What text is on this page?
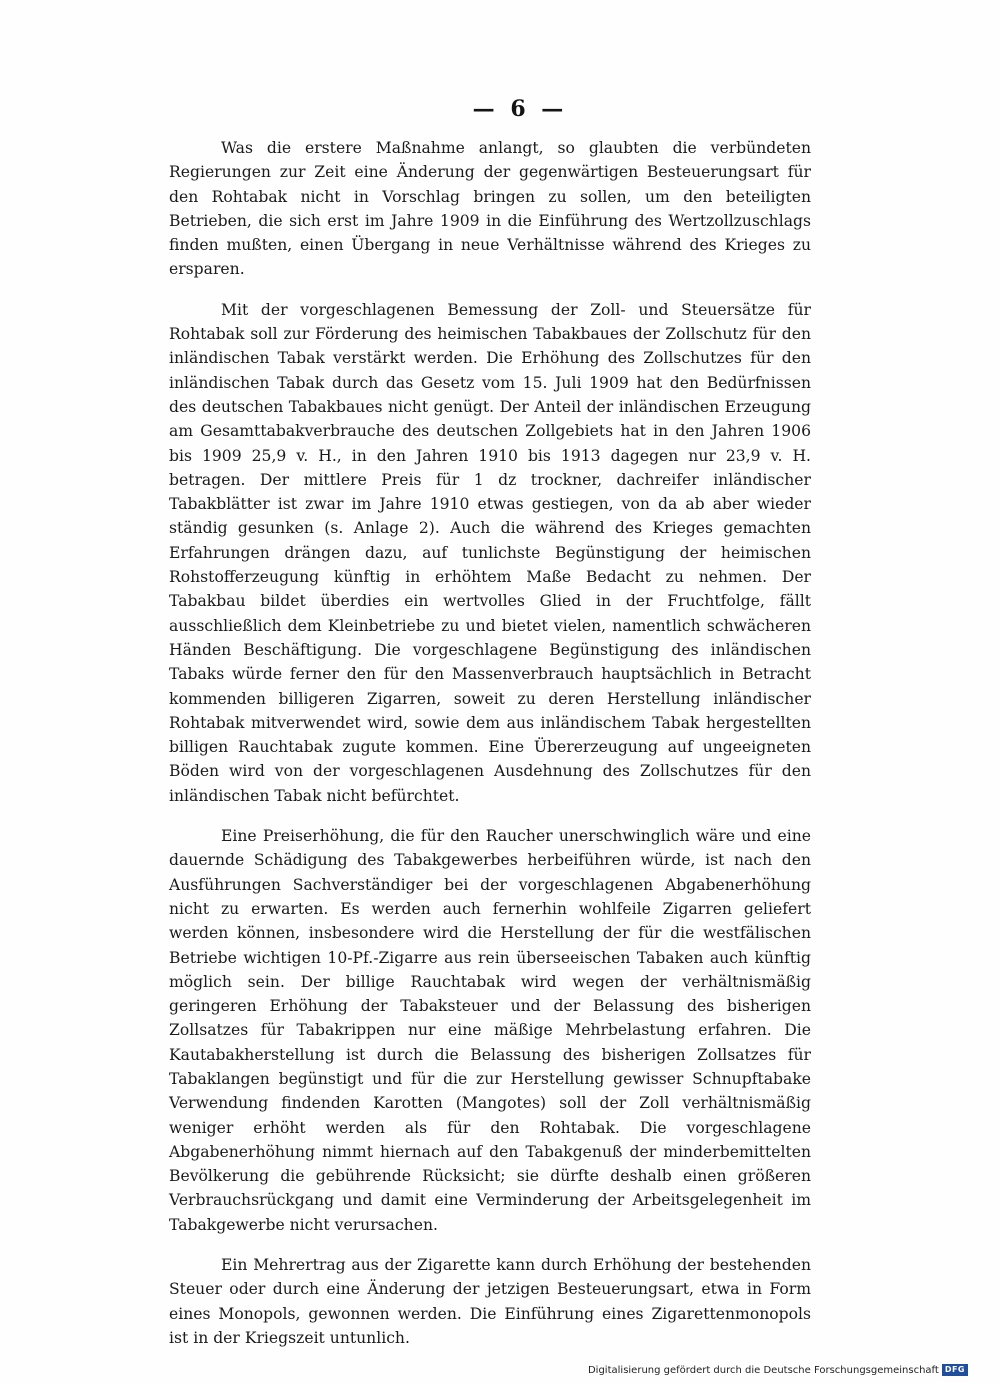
— 6 —

Was die erstere Maßnahme anlangt, so glaubten die verbündeten Regierungen zur Zeit eine Änderung der gegenwärtigen Besteuerungsart für den Rohtabak nicht in Vorschlag bringen zu sollen, um den beteiligten Betrieben, die sich erst im Jahre 1909 in die Einführung des Wertzollzuschlags finden mußten, einen Übergang in neue Verhältnisse während des Krieges zu ersparen.

Mit der vorgeschlagenen Bemessung der Zoll- und Steuersätze für Rohtabak soll zur Förderung des heimischen Tabakbaues der Zollschutz für den inländischen Tabak verstärkt werden. Die Erhöhung des Zollschutzes für den inländischen Tabak durch das Gesetz vom 15. Juli 1909 hat den Bedürfnissen des deutschen Tabakbaues nicht genügt. Der Anteil der inländischen Erzeugung am Gesamttabakverbrauche des deutschen Zollgebiets hat in den Jahren 1906 bis 1909 25,9 v. H., in den Jahren 1910 bis 1913 dagegen nur 23,9 v. H. betragen. Der mittlere Preis für 1 dz trockner, dachreifer inländischer Tabakblätter ist zwar im Jahre 1910 etwas gestiegen, von da ab aber wieder ständig gesunken (s. Anlage 2). Auch die während des Krieges gemachten Erfahrungen drängen dazu, auf tunlichste Begünstigung der heimischen Rohstofferzeugung künftig in erhöhtem Maße Bedacht zu nehmen. Der Tabakbau bildet überdies ein wertvolles Glied in der Fruchtfolge, fällt ausschließlich dem Kleinbetriebe zu und bietet vielen, namentlich schwächeren Händen Beschäftigung. Die vorgeschlagene Begünstigung des inländischen Tabaks würde ferner den für den Massenverbrauch hauptsächlich in Betracht kommenden billigeren Zigarren, soweit zu deren Herstellung inländischer Rohtabak mitverwendet wird, sowie dem aus inländischem Tabak hergestellten billigen Rauchtabak zugute kommen. Eine Übererzeugung auf ungeeigneten Böden wird von der vorgeschlagenen Ausdehnung des Zollschutzes für den inländischen Tabak nicht befürchtet.

Eine Preiserhöhung, die für den Raucher unerschwinglich wäre und eine dauernde Schädigung des Tabakgewerbes herbeiführen würde, ist nach den Ausführungen Sachverständiger bei der vorgeschlagenen Abgabenerhöhung nicht zu erwarten. Es werden auch fernerhin wohlfeile Zigarren geliefert werden können, insbesondere wird die Herstellung der für die westfälischen Betriebe wichtigen 10-Pf.-Zigarre aus rein überseeischen Tabaken auch künftig möglich sein. Der billige Rauchtabak wird wegen der verhältnismäßig geringeren Erhöhung der Tabaksteuer und der Belassung des bisherigen Zollsatzes für Tabakrippen nur eine mäßige Mehrbelastung erfahren. Die Kautabakherstellung ist durch die Belassung des bisherigen Zollsatzes für Tabaklangen begünstigt und für die zur Herstellung gewisser Schnupftabake Verwendung findenden Karotten (Mangotes) soll der Zoll verhältnismäßig weniger erhöht werden als für den Rohtabak. Die vorgeschlagene Abgabenerhöhung nimmt hiernach auf den Tabakgenuß der minderbemittelten Bevölkerung die gebührende Rücksicht; sie dürfte deshalb einen größeren Verbrauchsrückgang und damit eine Verminderung der Arbeitsgelegenheit im Tabakgewerbe nicht verursachen.

Ein Mehrertrag aus der Zigarette kann durch Erhöhung der bestehenden Steuer oder durch eine Änderung der jetzigen Besteuerungsart, etwa in Form eines Monopols, gewonnen werden. Die Einführung eines Zigarettenmonopols ist in der Kriegszeit untunlich.

Digitalisierung gefördert durch die Deutsche Forschungsgemeinschaft DFG
